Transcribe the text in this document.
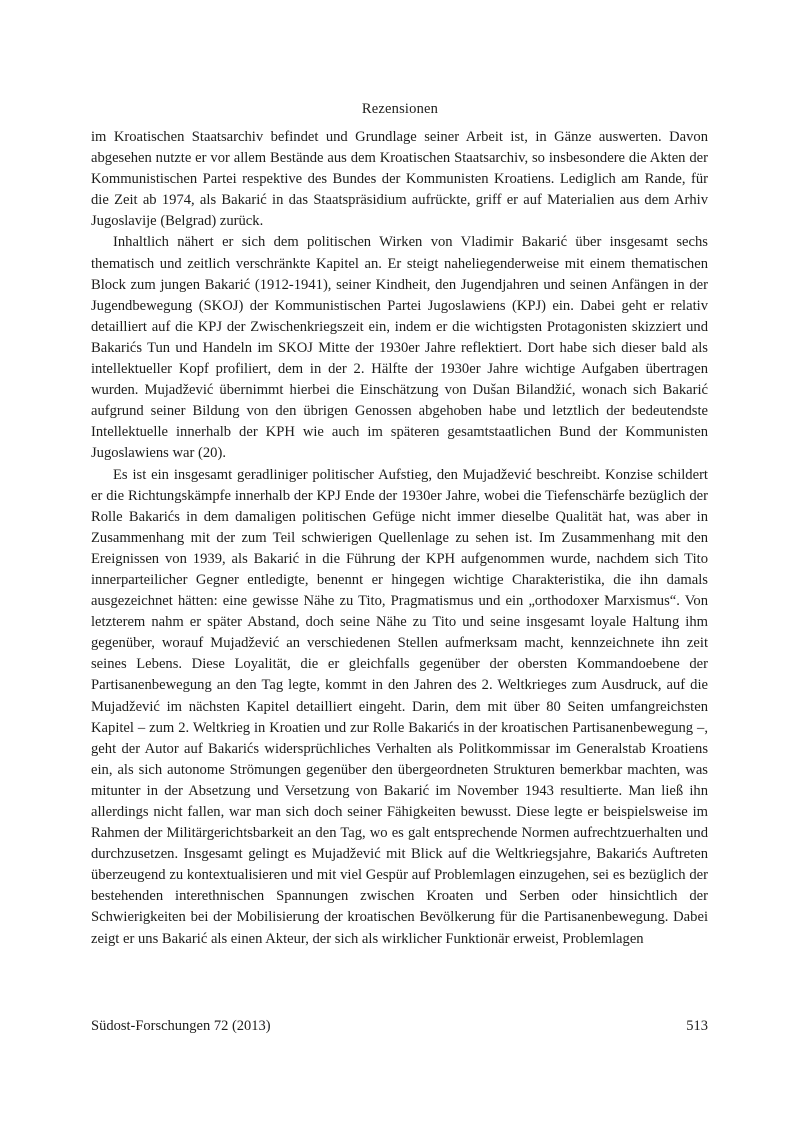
Rezensionen

im Kroatischen Staatsarchiv befindet und Grundlage seiner Arbeit ist, in Gänze auswerten. Davon abgesehen nutzte er vor allem Bestände aus dem Kroatischen Staatsarchiv, so insbesondere die Akten der Kommunistischen Partei respektive des Bundes der Kommunisten Kroatiens. Lediglich am Rande, für die Zeit ab 1974, als Bakarić in das Staatspräsidium aufrückte, griff er auf Materialien aus dem Arhiv Jugoslavije (Belgrad) zurück.

Inhaltlich nähert er sich dem politischen Wirken von Vladimir Bakarić über insgesamt sechs thematisch und zeitlich verschränkte Kapitel an. Er steigt naheliegenderweise mit einem thematischen Block zum jungen Bakarić (1912-1941), seiner Kindheit, den Jugendjahren und seinen Anfängen in der Jugendbewegung (SKOJ) der Kommunistischen Partei Jugoslawiens (KPJ) ein. Dabei geht er relativ detailliert auf die KPJ der Zwischenkriegszeit ein, indem er die wichtigsten Protagonisten skizziert und Bakarićs Tun und Handeln im SKOJ Mitte der 1930er Jahre reflektiert. Dort habe sich dieser bald als intellektueller Kopf profiliert, dem in der 2. Hälfte der 1930er Jahre wichtige Aufgaben übertragen wurden. Mujadžević übernimmt hierbei die Einschätzung von Dušan Bilandžić, wonach sich Bakarić aufgrund seiner Bildung von den übrigen Genossen abgehoben habe und letztlich der bedeutendste Intellektuelle innerhalb der KPH wie auch im späteren gesamtstaatlichen Bund der Kommunisten Jugoslawiens war (20).

Es ist ein insgesamt geradliniger politischer Aufstieg, den Mujadžević beschreibt. Konzise schildert er die Richtungskämpfe innerhalb der KPJ Ende der 1930er Jahre, wobei die Tiefenschärfe bezüglich der Rolle Bakarićs in dem damaligen politischen Gefüge nicht immer dieselbe Qualität hat, was aber in Zusammenhang mit der zum Teil schwierigen Quellenlage zu sehen ist. Im Zusammenhang mit den Ereignissen von 1939, als Bakarić in die Führung der KPH aufgenommen wurde, nachdem sich Tito innerparteilicher Gegner entledigte, benennt er hingegen wichtige Charakteristika, die ihn damals ausgezeichnet hätten: eine gewisse Nähe zu Tito, Pragmatismus und ein „orthodoxer Marxismus“. Von letzterem nahm er später Abstand, doch seine Nähe zu Tito und seine insgesamt loyale Haltung ihm gegenüber, worauf Mujadžević an verschiedenen Stellen aufmerksam macht, kennzeichnete ihn zeit seines Lebens. Diese Loyalität, die er gleichfalls gegenüber der obersten Kommandoebene der Partisanenbewegung an den Tag legte, kommt in den Jahren des 2. Weltkrieges zum Ausdruck, auf die Mujadžević im nächsten Kapitel detailliert eingeht. Darin, dem mit über 80 Seiten umfangreichsten Kapitel – zum 2. Weltkrieg in Kroatien und zur Rolle Bakarićs in der kroatischen Partisanenbewegung –, geht der Autor auf Bakarićs widersprüchliches Verhalten als Politkommissar im Generalstab Kroatiens ein, als sich autonome Strömungen gegenüber den übergeordneten Strukturen bemerkbar machten, was mitunter in der Absetzung und Versetzung von Bakarić im November 1943 resultierte. Man ließ ihn allerdings nicht fallen, war man sich doch seiner Fähigkeiten bewusst. Diese legte er beispielsweise im Rahmen der Militärgerichtsbarkeit an den Tag, wo es galt entsprechende Normen aufrechtzuerhalten und durchzusetzen. Insgesamt gelingt es Mujadžević mit Blick auf die Weltkriegsjahre, Bakarićs Auftreten überzeugend zu kontextualisieren und mit viel Gespür auf Problemlagen einzugehen, sei es bezüglich der bestehenden interethnischen Spannungen zwischen Kroaten und Serben oder hinsichtlich der Schwierigkeiten bei der Mobilisierung der kroatischen Bevölkerung für die Partisanenbewegung. Dabei zeigt er uns Bakarić als einen Akteur, der sich als wirklicher Funktionär erweist, Problemlagen

Südost-Forschungen 72 (2013)	513
